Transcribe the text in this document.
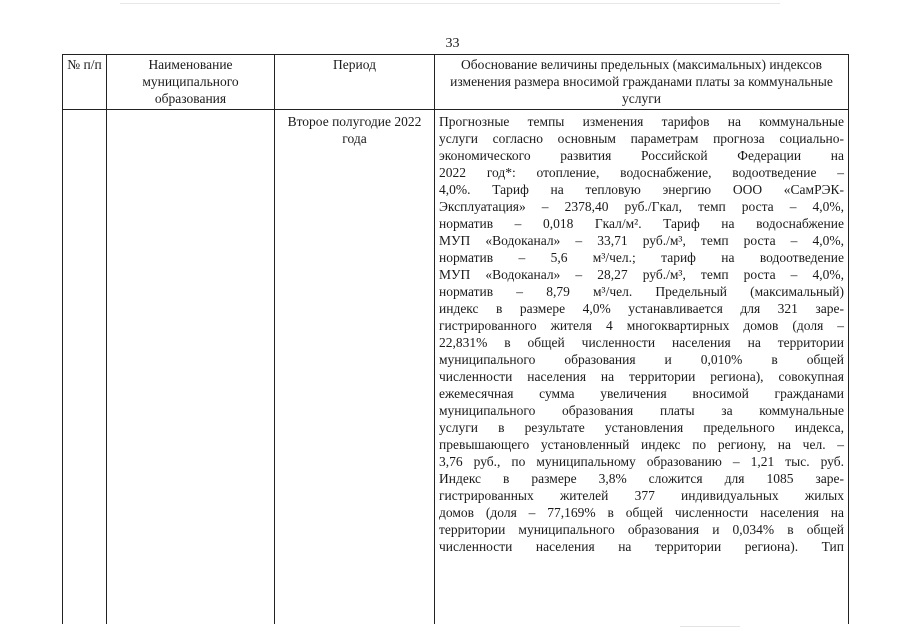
33
№ п/п	Наименование муниципального образования
Период	Обоснование величины предельных (максимальных) индексов изменения размера вносимой гражданами платы за коммунальные услуги
Второе полугодие 2022 года

Прогнозные темпы изменения тарифов на коммунальные

услуги согласно основным параметрам прогноза социально-

экономического развития Российской Федерации на

2022 год*: отопление, водоснабжение, водоотведение –

4,0%. Тариф на тепловую энергию ООО «СамРЭК-

Эксплуатация» – 2378,40 руб./Гкал, темп роста – 4,0%,

норматив – 0,018 Гкал/м². Тариф на водоснабжение

МУП «Водоканал» – 33,71 руб./м³, темп роста – 4,0%,

норматив – 5,6 м³/чел.; тариф на водоотведение

МУП «Водоканал» – 28,27 руб./м³, темп роста – 4,0%,

норматив – 8,79 м³/чел. Предельный (максимальный)

индекс в размере 4,0% устанавливается для 321 заре-

гистрированного жителя 4 многоквартирных домов (доля –

22,831% в общей численности населения на территории

муниципального образования и 0,010% в общей

численности населения на территории региона), совокупная

ежемесячная сумма увеличения вносимой гражданами

муниципального образования платы за коммунальные

услуги в результате установления предельного индекса,

превышающего установленный индекс по региону, на чел. –

3,76 руб., по муниципальному образованию – 1,21 тыс. руб.

Индекс в размере 3,8% сложится для 1085 заре-

гистрированных жителей 377 индивидуальных жилых

домов (доля – 77,169% в общей численности населения на

территории муниципального образования и 0,034% в общей

численности населения на территории региона). Тип
